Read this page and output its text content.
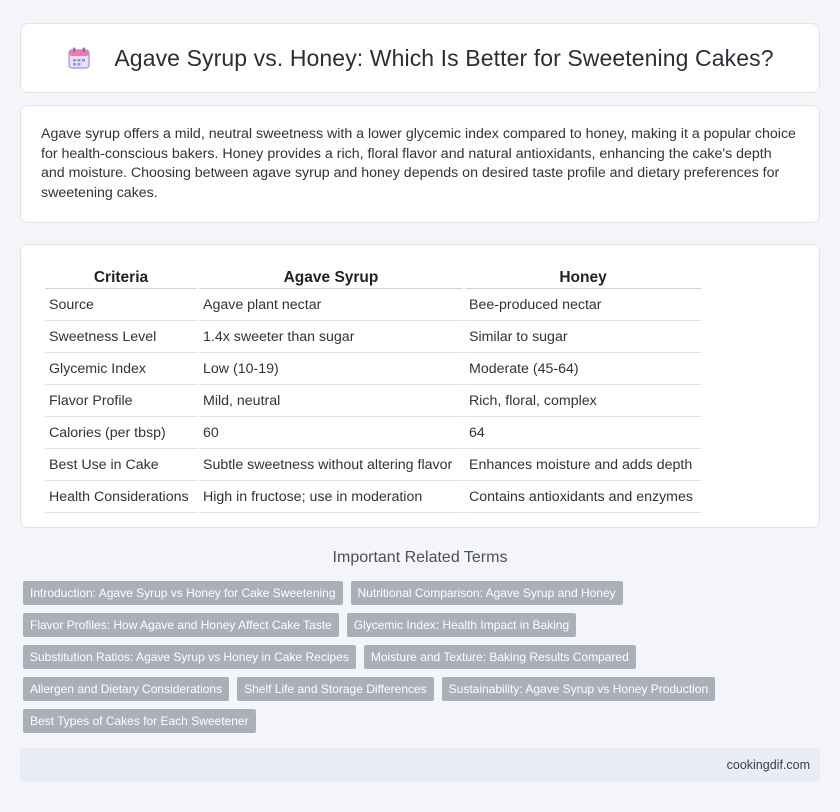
Agave Syrup vs. Honey: Which Is Better for Sweetening Cakes?

Agave syrup offers a mild, neutral sweetness with a lower glycemic index compared to honey, making it a popular choice for health-conscious bakers. Honey provides a rich, floral flavor and natural antioxidants, enhancing the cake's depth and moisture. Choosing between agave syrup and honey depends on desired taste profile and dietary preferences for sweetening cakes.

Criteria	Agave Syrup	Honey
Source	Agave plant nectar	Bee-produced nectar
Sweetness Level	1.4x sweeter than sugar	Similar to sugar
Glycemic Index	Low (10-19)	Moderate (45-64)
Flavor Profile	Mild, neutral	Rich, floral, complex
Calories (per tbsp)	60	64
Best Use in Cake	Subtle sweetness without altering flavor	Enhances moisture and adds depth
Health Considerations	High in fructose; use in moderation	Contains antioxidants and enzymes
Important Related Terms
Introduction: Agave Syrup vs Honey for Cake Sweetening	Nutritional Comparison: Agave Syrup and Honey
Flavor Profiles: How Agave and Honey Affect Cake Taste	Glycemic Index: Health Impact in Baking
Substitution Ratios: Agave Syrup vs Honey in Cake Recipes	Moisture and Texture: Baking Results Compared
Allergen and Dietary Considerations	Shelf Life and Storage Differences	Sustainability: Agave Syrup vs Honey Production
Best Types of Cakes for Each Sweetener
cookingdif.com
